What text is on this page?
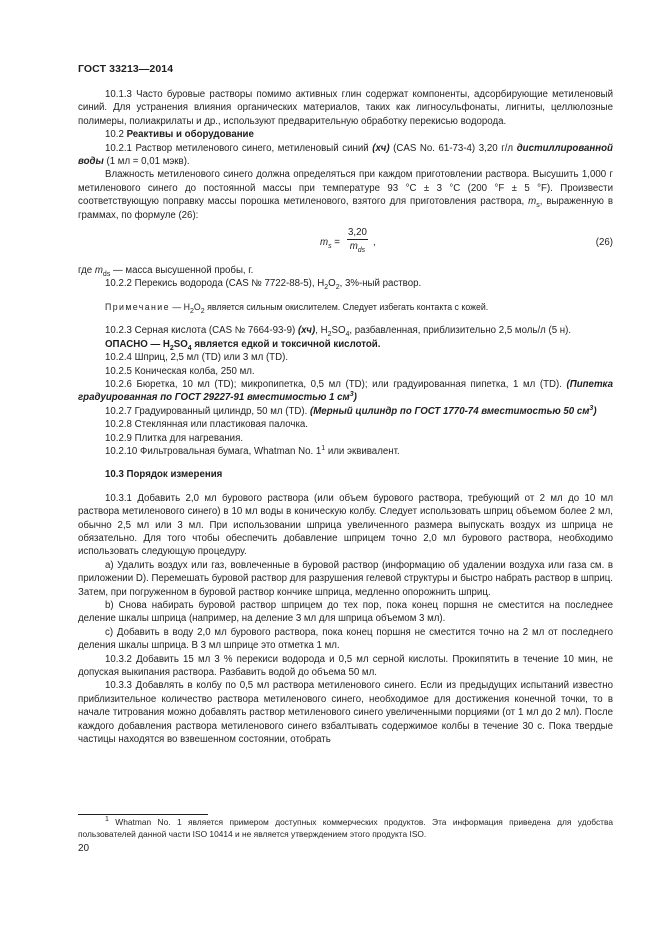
ГОСТ 33213—2014

10.1.3 Часто буровые растворы помимо активных глин содержат компоненты, адсорбирующие метиленовый синий. Для устранения влияния органических материалов, таких как лигносульфонаты, лигниты, целлюлозные полимеры, полиакрилаты и др., используют предварительную обработку перекисью водорода.

10.2 Реактивы и оборудование

10.2.1 Раствор метиленового синего, метиленовый синий (хч) (CAS No. 61-73-4) 3,20 г/л дистиллированной воды (1 мл = 0,01 мэкв).

Влажность метиленового синего должна определяться при каждом приготовлении раствора. Высушить 1,000 г метиленового синего до постоянной массы при температуре 93 °С ± 3 °С (200 °F ± 5 °F). Произвести соответствующую поправку массы порошка метиленового, взятого для приготовления раствора, $m_s$, выраженную в граммах, по формуле (26):

$m_s$ =
3,20
$m_{ds}$
,	(26)

где $m_{ds}$ — масса высушенной пробы, г.

10.2.2 Перекись водорода (CAS № 7722-88-5), $H_2O_2$, 3%-ный раствор.

Примечание — $H_2O_2$ является сильным окислителем. Следует избегать контакта с кожей.

10.2.3 Серная кислота (CAS № 7664-93-9) (хч), $H_2SO_4$, разбавленная, приблизительно 2,5 моль/л (5 н).

ОПАСНО — $H_2SO_4$ является едкой и токсичной кислотой.

10.2.4 Шприц, 2,5 мл (TD) или 3 мл (TD).

10.2.5 Коническая колба, 250 мл.

10.2.6 Бюретка, 10 мл (TD); микропипетка, 0,5 мл (TD); или градуированная пипетка, 1 мл (TD). (Пипетка градуированная по ГОСТ 29227-91 вместимостью 1 $см^3$)

10.2.7 Градуированный цилиндр, 50 мл (TD). (Мерный цилиндр по ГОСТ 1770-74 вместимостью 50 $см^3$)

10.2.8 Стеклянная или пластиковая палочка.

10.2.9 Плитка для нагревания.

10.2.10 Фильтровальная бумага, Whatman No. $1^1$ или эквивалент.

10.3 Порядок измерения

10.3.1 Добавить 2,0 мл бурового раствора (или объем бурового раствора, требующий от 2 мл до 10 мл раствора метиленового синего) в 10 мл воды в коническую колбу. Следует использовать шприц объемом более 2 мл, обычно 2,5 мл или 3 мл. При использовании шприца увеличенного размера выпускать воздух из шприца не обязательно. Для того чтобы обеспечить добавление шприцем точно 2,0 мл бурового раствора, необходимо использовать следующую процедуру.

a) Удалить воздух или газ, вовлеченные в буровой раствор (информацию об удалении воздуха или газа см. в приложении D). Перемешать буровой раствор для разрушения гелевой структуры и быстро набрать раствор в шприц. Затем, при погруженном в буровой раствор кончике шприца, медленно опорожнить шприц.

b) Снова набирать буровой раствор шприцем до тех пор, пока конец поршня не сместится на последнее деление шкалы шприца (например, на деление 3 мл для шприца объемом 3 мл).

c) Добавить в воду 2,0 мл бурового раствора, пока конец поршня не сместится точно на 2 мл от последнего деления шкалы шприца. В 3 мл шприце это отметка 1 мл.

10.3.2 Добавить 15 мл 3 % перекиси водорода и 0,5 мл серной кислоты. Прокипятить в течение 10 мин, не допуская выкипания раствора. Разбавить водой до объема 50 мл.

10.3.3 Добавлять в колбу по 0,5 мл раствора метиленового синего. Если из предыдущих испытаний известно приблизительное количество раствора метиленового синего, необходимое для достижения конечной точки, то в начале титрования можно добавлять раствор метиленового синего увеличенными порциями (от 1 мл до 2 мл). После каждого добавления раствора метиленового синего взбалтывать содержимое колбы в течение 30 с. Пока твердые частицы находятся во взвешенном состоянии, отобрать

$^1$ Whatman No. 1 является примером доступных коммерческих продуктов. Эта информация приведена для удобства пользователей данной части ISO 10414 и не является утверждением этого продукта ISO.
20
